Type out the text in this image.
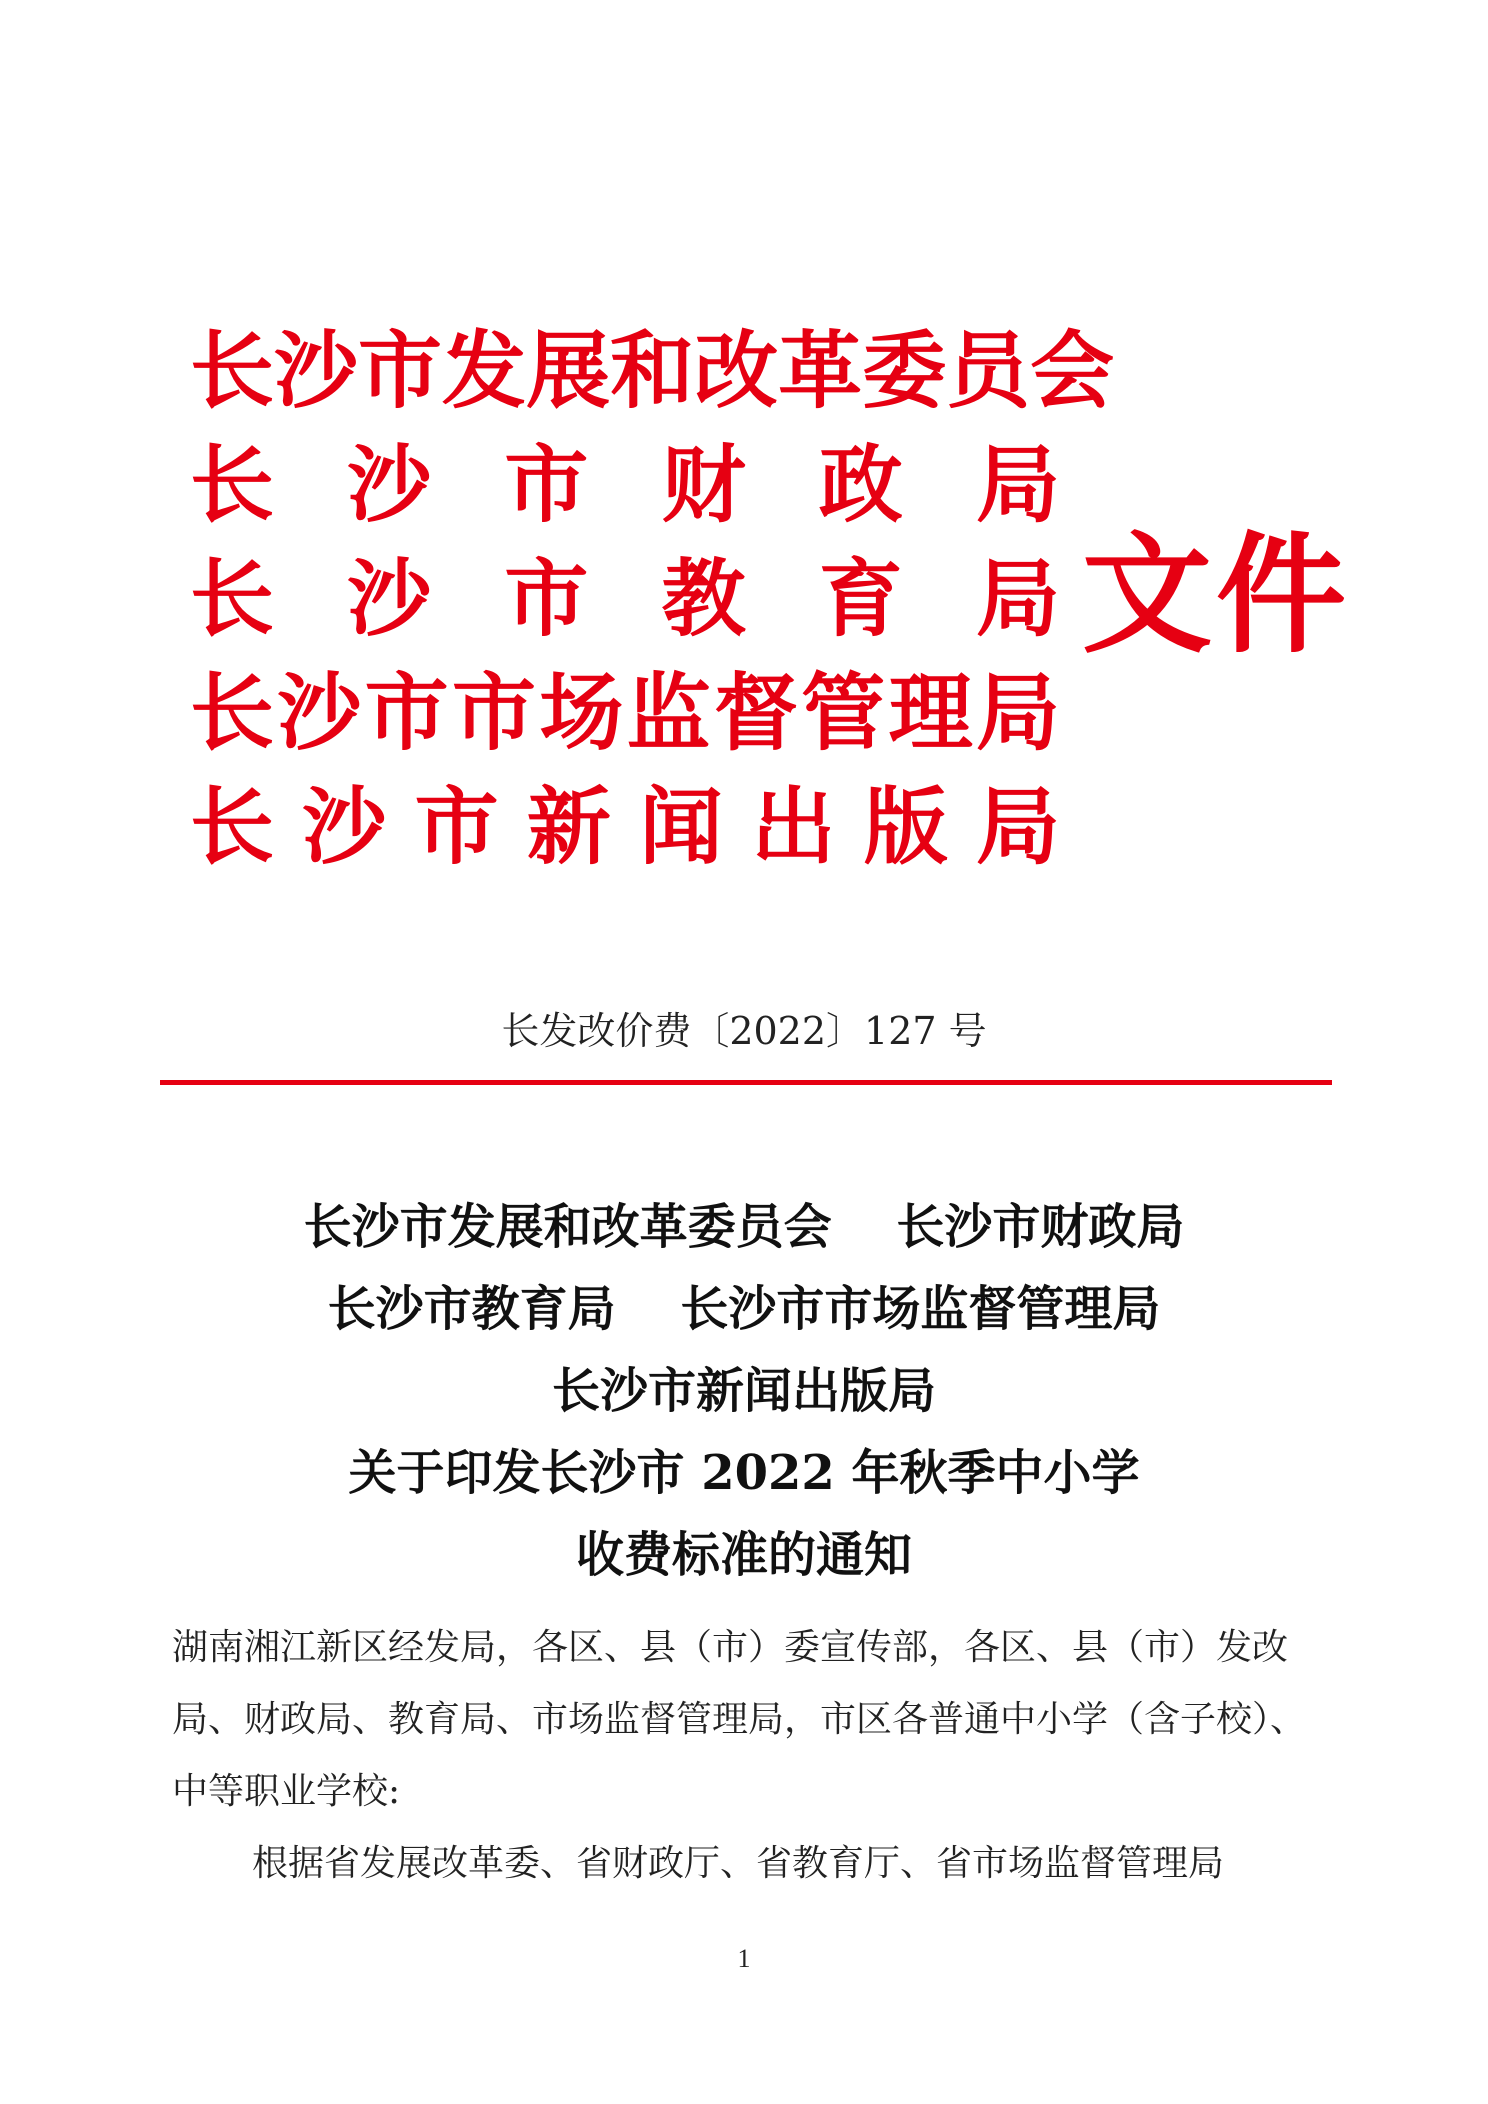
长 沙 市 发 展 和 改 革 委 员 会
长 沙 市 财 政 局
长 沙 市 教 育 局
长 沙 市 市 场 监 督 管 理 局
长 沙 市 新 闻 出 版 局
文件
长发改价费〔2022〕127 号
长沙市发展和改革委员会　 长沙市财政局
长沙市教育局　 长沙市市场监督管理局
长沙市新闻出版局
关于印发长沙市 2022 年秋季中小学
收费标准的通知
湖南湘江新区经发局，各区、县（市）委宣传部，各区、县（市）发改局、财政局、教育局、市场监督管理局，市区各普通中小学（含子校）、中等职业学校:
根据省发展改革委、省财政厅、省教育厅、省市场监督管理局
1
